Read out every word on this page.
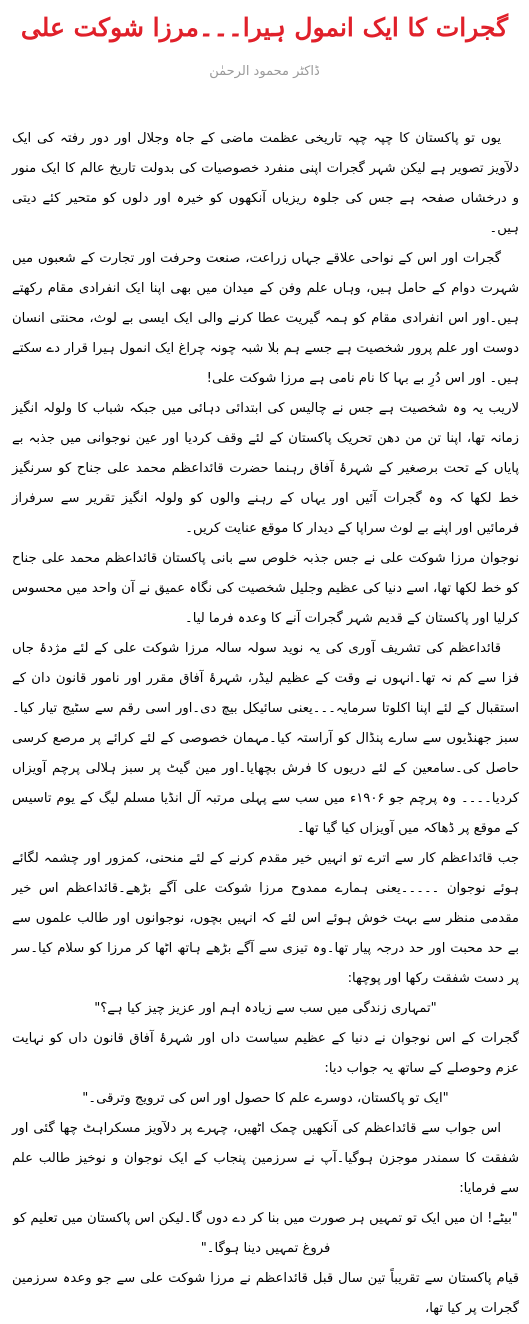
گجرات کا ایک انمول ہیرا۔۔۔مرزا شوکت علی
ڈاکٹر محمود الرحمٰن

یوں تو پاکستان کا چپہ چپہ تاریخی عظمت ماضی کے جاہ وجلال اور دور رفتہ کی ایک دلآویز تصویر ہے لیکن شہر گجرات اپنی منفرد خصوصیات کی بدولت تاریخ عالم کا ایک منور و درخشاں صفحہ ہے جس کی جلوہ ریزیاں آنکھوں کو خیرہ اور دلوں کو متحیر کئے دیتی ہیں۔

گجرات اور اس کے نواحی علاقے جہاں زراعت، صنعت وحرفت اور تجارت کے شعبوں میں شہرت دوام کے حامل ہیں، وہاں علم وفن کے میدان میں بھی اپنا ایک انفرادی مقام رکھتے ہیں۔اور اس انفرادی مقام کو ہمہ گیریت عطا کرنے والی ایک ایسی بے لوث، محنتی انسان دوست اور علم پرور شخصیت ہے جسے ہم بلا شبہ چونہ چراغ ایک انمول ہیرا قرار دے سکتے ہیں۔ اور اس دُرِ بے بہا کا نام نامی ہے مرزا شوکت علی!

لاریب یہ وہ شخصیت ہے جس نے چالیس کی ابتدائی دہائی میں جبکہ شباب کا ولولہ انگیز زمانہ تھا، اپنا تن من دھن تحریک پاکستان کے لئے وقف کردیا اور عین نوجوانی میں جذبہ بے پایاں کے تحت برصغیر کے شہرۂ آفاق رہنما حضرت قائداعظم محمد علی جناح کو سرنگیز خط لکھا کہ وہ گجرات آئیں اور یہاں کے رہنے والوں کو ولولہ انگیز تقریر سے سرفراز فرمائیں اور اپنے بے لوث سراپا کے دیدار کا موقع عنایت کریں۔

نوجوان مرزا شوکت علی نے جس جذبہ خلوص سے بانی پاکستان قائداعظم محمد علی جناح کو خط لکھا تھا، اسے دنیا کی عظیم وجلیل شخصیت کی نگاہ عمیق نے آن واحد میں محسوس کرلیا اور پاکستان کے قدیم شہر گجرات آنے کا وعدہ فرما لیا۔

قائداعظم کی تشریف آوری کی یہ نوید سولہ سالہ مرزا شوکت علی کے لئے مژدۂ جاں فزا سے کم نہ تھا۔انہوں نے وقت کے عظیم لیڈر، شہرۂ آفاق مقرر اور نامور قانون دان کے استقبال کے لئے اپنا اکلوتا سرمایہ۔۔۔یعنی سائیکل بیچ دی۔اور اسی رقم سے سٹیج تیار کیا۔سبز جھنڈیوں سے سارے پنڈال کو آراستہ کیا۔مہمان خصوصی کے لئے کرائے پر مرصع کرسی حاصل کی۔سامعین کے لئے دریوں کا فرش بچھایا۔اور مین گیٹ پر سبز ہلالی پرچم آویزاں کردیا۔۔۔۔ وہ پرچم جو ۱۹۰۶ء میں سب سے پہلی مرتبہ آل انڈیا مسلم لیگ کے یوم تاسیس کے موقع پر ڈھاکہ میں آویزاں کیا گیا تھا۔

جب قائداعظم کار سے اترے تو انہیں خیر مقدم کرنے کے لئے منحنی، کمزور اور چشمہ لگائے ہوئے نوجوان ۔۔۔۔۔یعنی ہمارے ممدوح مرزا شوکت علی آگے بڑھے۔قائداعظم اس خیر مقدمی منظر سے بہت خوش ہوئے اس لئے کہ انہیں بچوں، نوجوانوں اور طالب علموں سے بے حد محبت اور حد درجہ پیار تھا۔وہ تیزی سے آگے بڑھے ہاتھ اٹھا کر مرزا کو سلام کیا۔سر پر دست شفقت رکھا اور پوچھا:

"تمہاری زندگی میں سب سے زیادہ اہم اور عزیز چیز کیا ہے؟"

گجرات کے اس نوجوان نے دنیا کے عظیم سیاست داں اور شہرۂ آفاق قانون داں کو نہایت عزم وحوصلے کے ساتھ یہ جواب دیا:

"ایک تو پاکستان، دوسرے علم کا حصول اور اس کی ترویج وترقی۔"

اس جواب سے قائداعظم کی آنکھیں چمک اٹھیں، چہرے پر دلآویز مسکراہٹ چھا گئی اور شفقت کا سمندر موجزن ہوگیا۔آپ نے سرزمین پنجاب کے ایک نوجوان و نوخیز طالب علم سے فرمایا:

"بیٹے! ان میں ایک تو تمہیں ہر صورت میں بنا کر دے دوں گا۔لیکن اس پاکستان میں تعلیم کو فروغ تمہیں دینا ہوگا۔"

قیام پاکستان سے تقریباً تین سال قبل قائداعظم نے مرزا شوکت علی سے جو وعدہ سرزمین گجرات پر کیا تھا،
